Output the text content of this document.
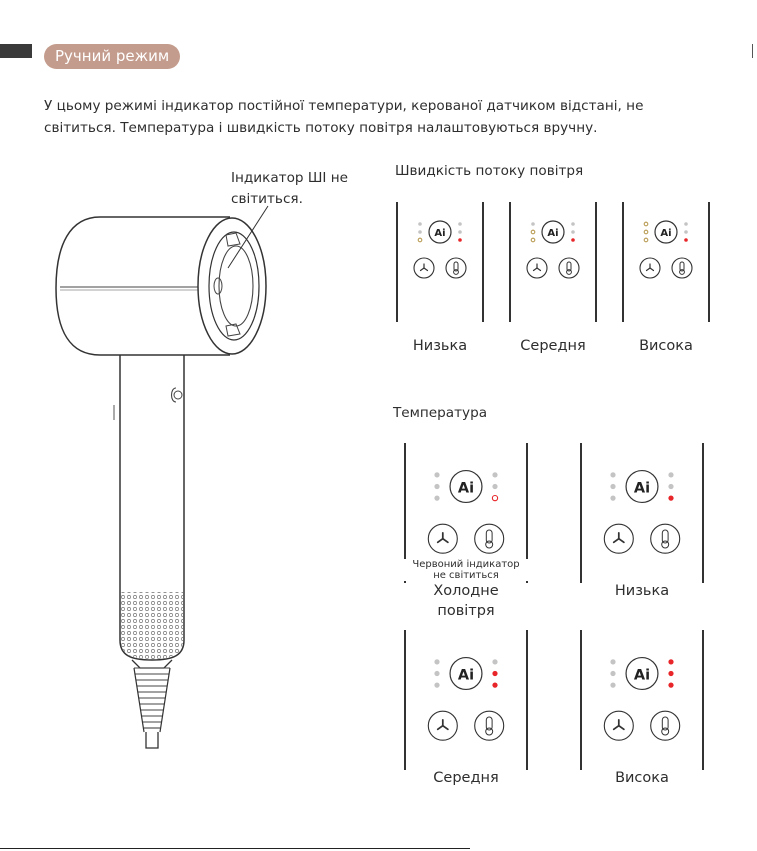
Ручний режим

У цьому режимі індикатор постійної температури, керованої датчиком відстані, не

світиться. Температура і швидкість потоку повітря налаштовуються вручну.

Індикатор ШІ не
світиться.
Швидкість потоку повітря
Ai
Низька
Ai
Середня
Ai
Висока
Температура
Ai
Холодне
повітря
Червоний індикатор
не світиться
Ai
Низька
Ai
Середня
Ai
Висока
